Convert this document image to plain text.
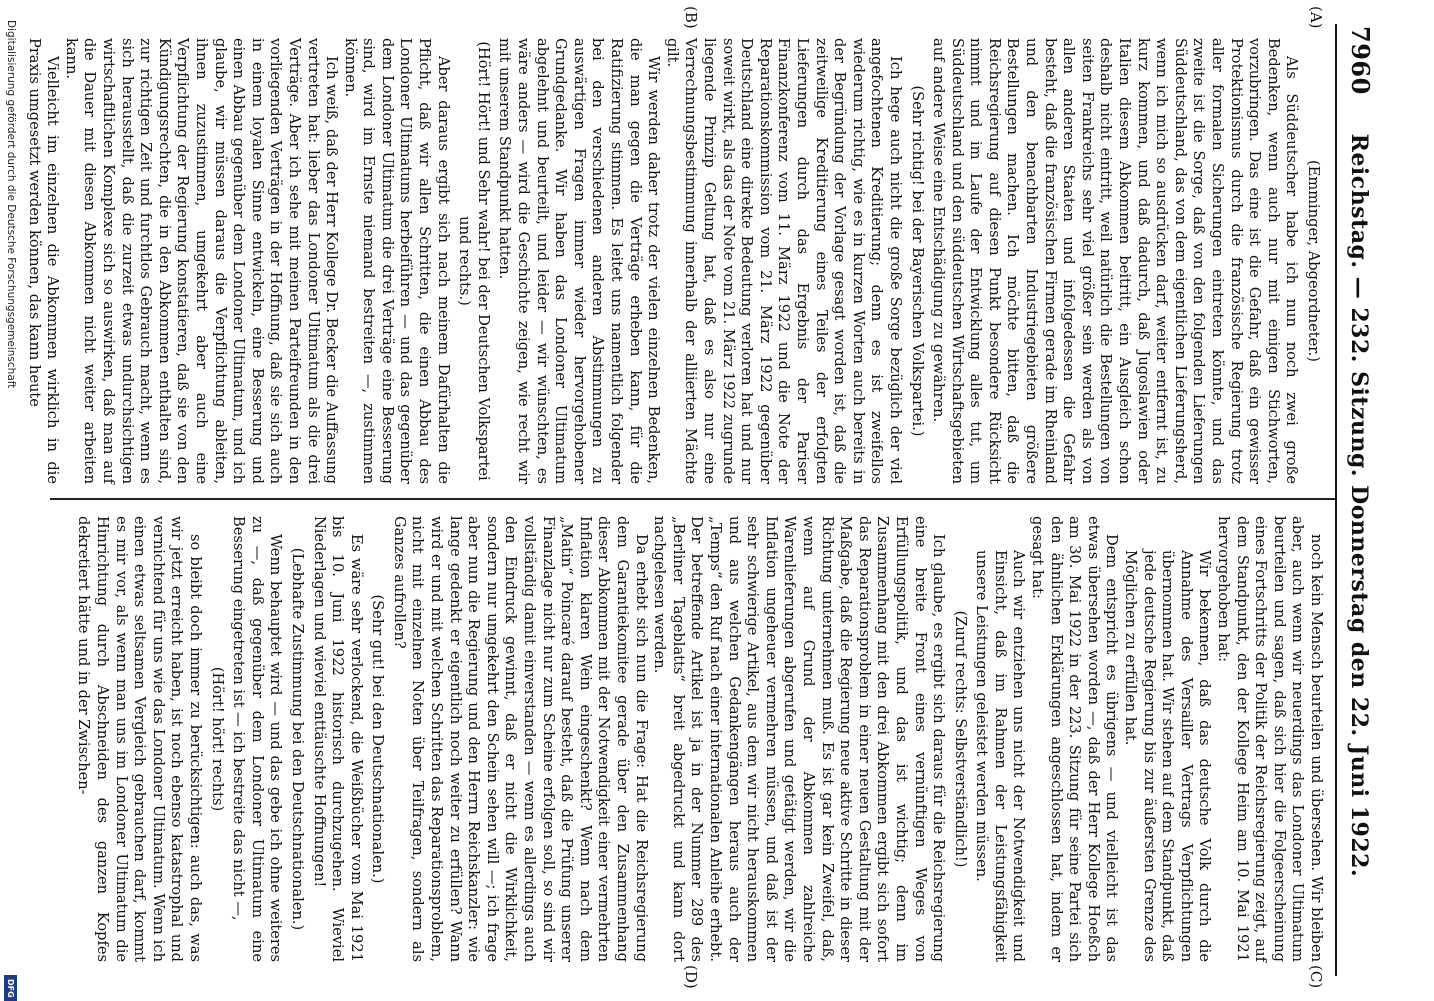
7960
Reichstag. — 232. Sitzung. Donnerstag den 22. Juni 1922.
(A)
(B)
(C)
(D)

(Emminger, Abgeordneter.)

Als Süddeutscher habe ich nun noch zwei große Bedenken, wenn auch nur mit einigen Stichworten, vorzubringen. Das eine ist die Gefahr, daß ein gewisser Protektionismus durch die französische Regierung trotz aller formalen Sicherungen eintreten könnte, und das zweite ist die Sorge, daß von den folgenden Lieferungen Süddeutschland, das von dem eigentlichen Lieferungsherd, wenn ich mich so ausdrücken darf, weiter entfernt ist, zu kurz kommen, und daß dadurch, daß Jugoslawien oder Italien diesem Abkommen beitritt, ein Ausgleich schon deshalb nicht eintritt, weil natürlich die Bestellungen von seiten Frankreichs sehr viel größer sein werden als von allen anderen Staaten und infolgedessen die Gefahr besteht, daß die französischen Firmen gerade im Rheinland und den benachbarten Industriegebieten größere Bestellungen machen. Ich möchte bitten, daß die Reichsregierung auf diesen Punkt besondere Rücksicht nimmt und im Laufe der Entwicklung alles tut, um Süddeutschland und den süddeutschen Wirtschaftsgebieten auf andere Weise eine Entschädigung zu gewähren.

(Sehr richtig! bei der Bayerischen Volkspartei.)

Ich hege auch nicht die große Sorge bezüglich der viel angefochtenen Kreditierung; denn es ist zweifellos wiederum richtig, wie es in kurzen Worten auch bereits in der Begründung der Vorlage gesagt worden ist, daß die zeitweilige Kreditierung eines Teiles der erfolgten Lieferungen durch das Ergebnis der Pariser Finanzkonferenz vom 11. März 1922 und die Note der Reparationskommission vom 21. März 1922 gegenüber Deutschland eine direkte Bedeutung verloren hat und nur soweit wirkt, als das der Note vom 21. März 1922 zugrunde liegende Prinzip Geltung hat, daß es also nur eine Verrechnungsbestimmung innerhalb der alliierten Mächte gilt.

Wir werden daher trotz der vielen einzelnen Bedenken, die man gegen die Verträge erheben kann, für die Ratifizierung stimmen. Es leitet uns namentlich folgender bei den verschiedenen anderen Abstimmungen zu auswärtigen Fragen immer wieder hervorgehobener Grundgedanke. Wir haben das Londoner Ultimatum abgelehnt und beurteilt, und leider — wir wünschten, es wäre anders — wird die Geschichte zeigen, wie recht wir mit unserem Standpunkt hatten.

(Hört! Hört! und Sehr wahr! bei der Deutschen Volkspartei und rechts.)

Aber daraus ergibt sich nach meinem Dafürhalten die Pflicht, daß wir allen Schritten, die einen Abbau des Londoner Ultimatums herbeiführen — und das gegenüber dem Londoner Ultimatum die drei Verträge eine Besserung sind, wird im Ernste niemand bestreiten —, zustimmen können.

Ich weiß, daß der Herr Kollege Dr. Becker die Auffassung vertreten hat: lieber das Londoner Ultimatum als die drei Verträge. Aber ich sehe mit meinen Parteifreunden in den vorliegenden Verträgen in der Hoffnung, daß sie sich auch in einem loyalen Sinne entwickeln, eine Besserung und einen Abbau gegenüber dem Londoner Ultimatum, und ich glaube, wir müssen daraus die Verpflichtung ableiten, ihnen zuzustimmen, umgekehrt aber auch eine Verpflichtung der Regierung konstatieren, daß sie von den Kündigungsrechten, die in den Abkommen enthalten sind, zur richtigen Zeit und furchtlos Gebrauch macht, wenn es sich herausstellt, daß die zurzeit etwas undurchsichtigen wirtschaftlichen Komplexe sich so auswirken, daß man auf die Dauer mit diesen Abkommen nicht weiter arbeiten kann.

Vielleicht im einzelnen die Abkommen wirklich in die Praxis umgesetzt werden können, das kann heute

noch kein Mensch beurteilen und übersehen. Wir bleiben aber, auch wenn wir neuerdings das Londoner Ultimatum beurteilen und sagen, daß sich hier die Folgeerscheinung eines Fortschritts der Politik der Reichsregierung zeigt, auf dem Standpunkt, den der Kollege Heim am 10. Mai 1921 hervorgehoben hat:

Wir bekennen, daß das deutsche Volk durch die Annahme des Versailler Vertrags Verpflichtungen übernommen hat. Wir stehen auf dem Standpunkt, daß jede deutsche Regierung bis zur äußersten Grenze des Möglichen zu erfüllen hat.

Dem entspricht es übrigens — und vielleicht ist das etwas übersehen worden —, daß der Herr Kollege Hoeßch am 30. Mai 1922 in der 223. Sitzung für seine Partei sich den ähnlichen Erklärungen angeschlossen hat, indem er gesagt hat:

Auch wir entziehen uns nicht der Notwendigkeit und Einsicht, daß im Rahmen der Leistungsfähigkeit unsere Leistungen geleistet werden müssen.

(Zuruf rechts: Selbstverständlich!)

Ich glaube, es ergibt sich daraus für die Reichsregierung eine breite Front eines vernünftigen Weges von Erfüllungspolitik, und das ist wichtig; denn im Zusammenhang mit den drei Abkommen ergibt sich sofort das Reparationsproblem in einer neuen Gestaltung mit der Maßgabe, daß die Regierung neue aktive Schritte in dieser Richtung unternehmen muß. Es ist gar kein Zweifel, daß, wenn auf Grund der Abkommen zahlreiche Warenlieferungen abgerufen und getätigt werden, wir die Inflation ungeheuer vermehren müssen, und daß ist der sehr schwierige Artikel, aus dem wir nicht herauskommen und aus welchen Gedankengängen heraus auch der „Temps“ den Ruf nach einer internationalen Anleihe erhebt. Der betreffende Artikel ist ja in der Nummer 289 des „Berliner Tageblatts“ breit abgedruckt und kann dort nachgelesen werden.

Da erhebt sich nun die Frage: Hat die Reichsregierung dem Garantiekomitee gerade über den Zusammenhang dieser Abkommen mit der Notwendigkeit einer vermehrten Inflation klaren Wein eingeschenkt? Wenn nach dem „Matin“ Poincaré darauf besteht, daß die Prüfung unserer Finanzlage nicht nur zum Scheine erfolgen soll, so sind wir vollständig damit einverstanden — wenn es allerdings auch den Eindruck gewinnt, daß er nicht die Wirklichkeit, sondern nur umgekehrt den Schein sehen will —; ich frage aber nun die Regierung und den Herrn Reichskanzler: wie lange gedenkt er eigentlich noch weiter zu erfüllen? Wann wird er und mit welchen Schritten das Reparationsproblem, nicht mit einzelnen Noten über Teilfragen, sondern als Ganzes aufrollen?

(Sehr gut! bei den Deutschnationalen.)

Es wäre sehr verlockend, die Weißbücher vom Mai 1921 bis 10. Juni 1922 historisch durchzugehen. Wieviel Niederlagen und wieviel enttäuschte Hoffnungen!

(Lebhafte Zustimmung bei den Deutschnationalen.)

Wenn behauptet wird — und das gebe ich ohne weiteres zu —, daß gegenüber dem Londoner Ultimatum eine Besserung eingetreten ist — ich bestreite das nicht —,

(Hört! hört! rechts)

so bleibt doch immer zu berücksichtigen: auch das, was wir jetzt erreicht haben, ist noch ebenso katastrophal und vernichtend für uns wie das Londoner Ultimatum. Wenn ich einen etwas seltsamen Vergleich gebrauchen darf, kommt es mir vor, als wenn man uns im Londoner Ultimatum die Hinrichtung durch Abschneiden des ganzen Kopfes dekretiert hätte und in der Zwischen-

Digitalisierung gefördert durch die Deutsche Forschungsgemeinschaft
DFG
